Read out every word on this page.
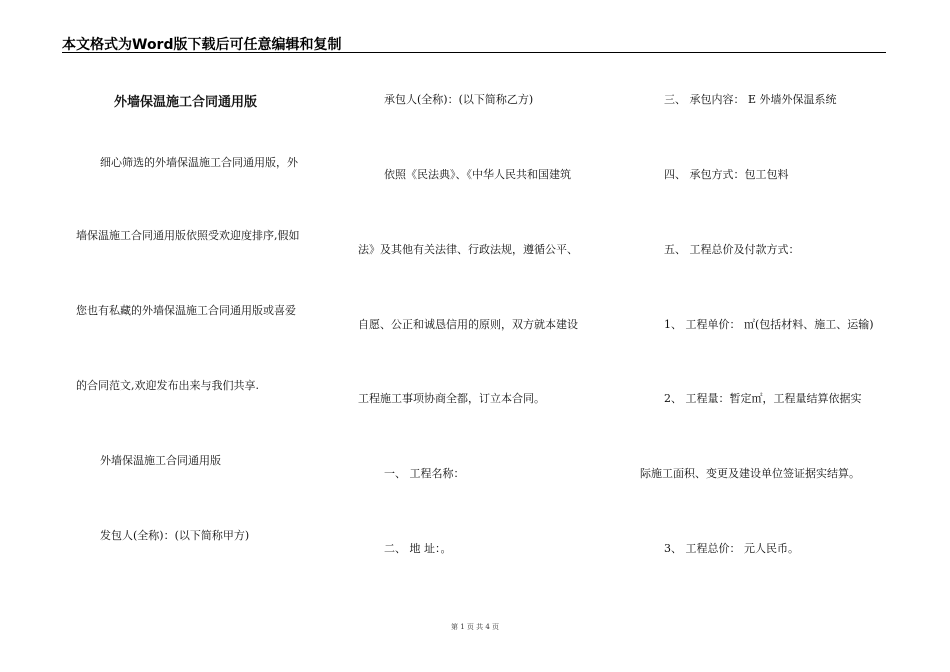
本文格式为Word版下载后可任意编辑和复制
外墙保温施工合同通用版
细心筛选的外墙保温施工合同通用版，外
墙保温施工合同通用版依照受欢迎度排序,假如
您也有私藏的外墙保温施工合同通用版或喜爱
的合同范文,欢迎发布出来与我们共享.
外墙保温施工合同通用版
发包人(全称)：(以下简称甲方)
承包人(全称)：(以下简称乙方)
依照《民法典》、《中华人民共和国建筑
法》及其他有关法律、行政法规，遵循公平、
自愿、公正和诚恳信用的原则，双方就本建设
工程施工事项协商全都，订立本合同。
一、 工程名称：
二、 地 址：。
三、 承包内容： E 外墙外保温系统
四、 承包方式：包工包料
五、 工程总价及付款方式：
1、 工程单价： ㎡(包括材料、施工、运输)
2、 工程量：暂定㎡，工程量结算依据实
际施工面积、变更及建设单位签证据实结算。
3、 工程总价： 元人民币。
第 1 页 共 4 页
